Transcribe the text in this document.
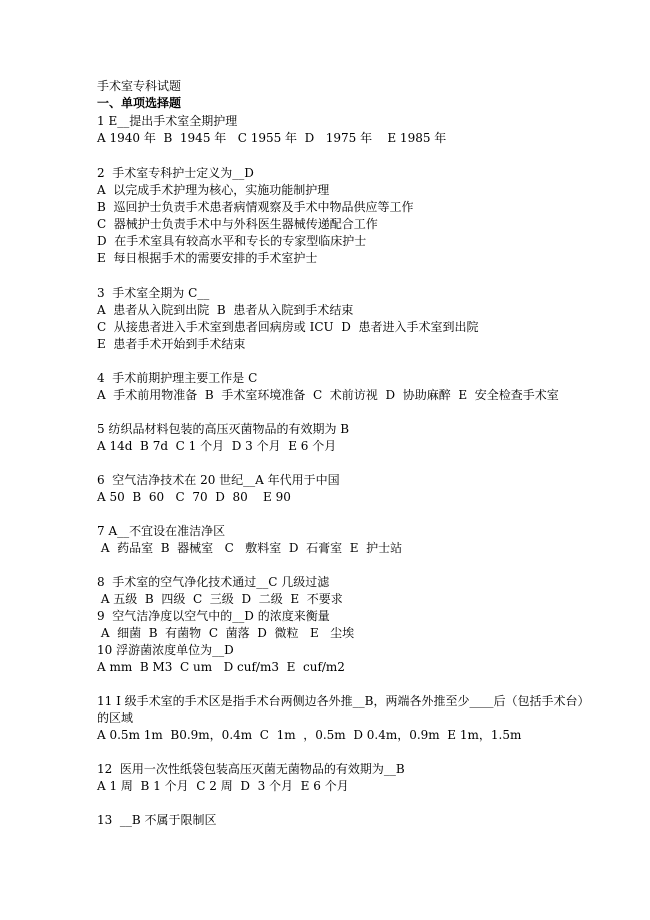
手术室专科试题
一、单项选择题
1 E__提出手术室全期护理
A 1940 年  B  1945 年   C 1955 年  D   1975 年    E 1985 年
2  手术室专科护士定义为__D
A  以完成手术护理为核心，实施功能制护理
B  巡回护士负责手术患者病情观察及手术中物品供应等工作
C  器械护士负责手术中与外科医生器械传递配合工作
D  在手术室具有较高水平和专长的专家型临床护士
E  每日根据手术的需要安排的手术室护士
3  手术室全期为 C__
A  患者从入院到出院  B  患者从入院到手术结束
C  从接患者进入手术室到患者回病房或 ICU  D  患者进入手术室到出院
E  患者手术开始到手术结束
4  手术前期护理主要工作是 C
A  手术前用物准备  B  手术室环境准备  C  术前访视  D  协助麻醉  E  安全检查手术室
5 纺织品材料包装的高压灭菌物品的有效期为 B
A 14d  B 7d  C 1 个月  D 3 个月  E 6 个月
6  空气洁净技术在 20 世纪__A 年代用于中国
A 50  B  60   C  70  D  80    E 90
7 A__不宜设在准洁净区
A  药品室  B  器械室   C   敷料室  D  石膏室  E  护士站
8  手术室的空气净化技术通过__C 几级过滤
A 五级  B  四级  C  三级  D  二级  E  不要求
9  空气洁净度以空气中的__D 的浓度来衡量
A  细菌  B  有菌物  C  菌落  D  微粒   E   尘埃
10 浮游菌浓度单位为__D
A mm  B M3  C um   D cuf/m3  E  cuf/m2
11 I 级手术室的手术区是指手术台两侧边各外推__B，两端各外推至少____后（包括手术台）
的区域
A 0.5m 1m  B0.9m，0.4m  C  1m  ，0.5m  D 0.4m，0.9m  E 1m，1.5m
12  医用一次性纸袋包装高压灭菌无菌物品的有效期为__B
A 1 周  B 1 个月  C 2 周  D  3 个月  E 6 个月
13  __B 不属于限制区
